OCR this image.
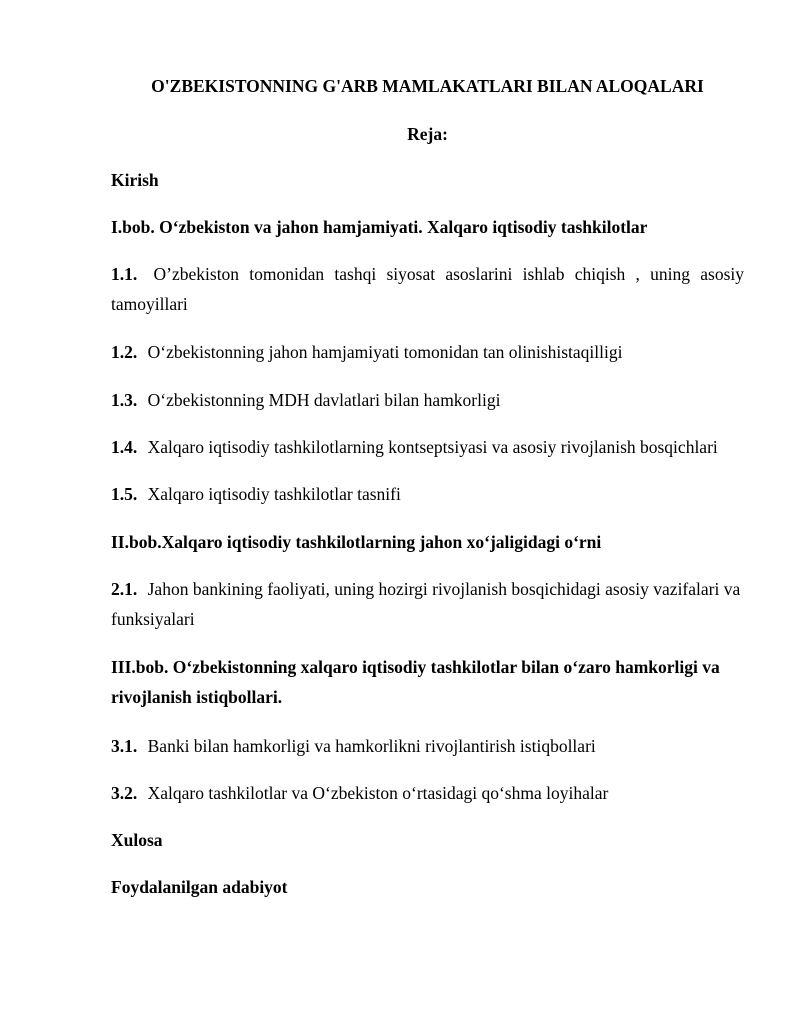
O'ZBEKISTONNING G'ARB MAMLAKATLARI BILAN ALOQALARI
Reja:
Kirish
I.bob. O‘zbekiston va jahon hamjamiyati. Xalqaro iqtisodiy tashkilotlar
1.1. O’zbekiston tomonidan tashqi siyosat asoslarini ishlab chiqish , uning asosiy tamoyillari
1.2. O‘zbekistonning jahon hamjamiyati tomonidan tan olinishistaqilligi
1.3. O‘zbekistonning MDH davlatlari bilan hamkorligi
1.4. Xalqaro iqtisodiy tashkilotlarning kontseptsiyasi va asosiy rivojlanish bosqichlari
1.5. Xalqaro iqtisodiy tashkilotlar tasnifi
II.bob.Xalqaro iqtisodiy tashkilotlarning jahon xo‘jaligidagi o‘rni
2.1. Jahon bankining faoliyati, uning hozirgi rivojlanish bosqichidagi asosiy vazifalari va funksiyalari
III.bob. O‘zbekistonning xalqaro iqtisodiy tashkilotlar bilan o‘zaro hamkorligi va rivojlanish istiqbollari.
3.1. Banki bilan hamkorligi va hamkorlikni rivojlantirish istiqbollari
3.2. Xalqaro tashkilotlar va O‘zbekiston o‘rtasidagi qo‘shma loyihalar
Xulosa
Foydalanilgan adabiyot
